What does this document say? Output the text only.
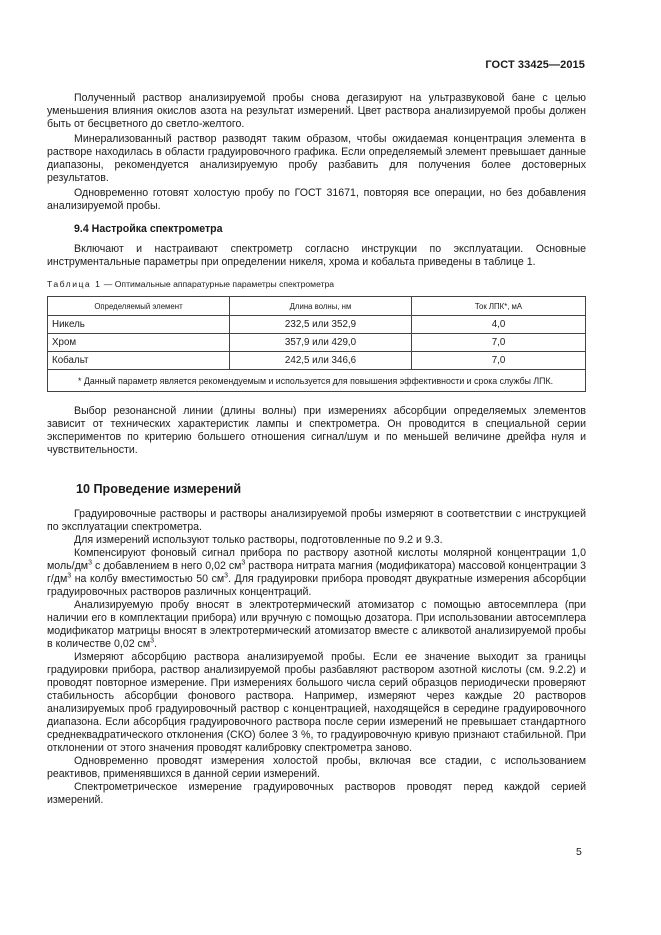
ГОСТ 33425—2015

Полученный раствор анализируемой пробы снова дегазируют на ультразвуковой бане с целью уменьшения влияния окислов азота на результат измерений. Цвет раствора анализируемой пробы должен быть от бесцветного до светло-желтого.

Минерализованный раствор разводят таким образом, чтобы ожидаемая концентрация элемента в растворе находилась в области градуировочного графика. Если определяемый элемент превышает данные диапазоны, рекомендуется анализируемую пробу разбавить для получения более достоверных результатов.

Одновременно готовят холостую пробу по ГОСТ 31671, повторяя все операции, но без добавления анализируемой пробы.

9.4 Настройка спектрометра

Включают и настраивают спектрометр согласно инструкции по эксплуатации. Основные инструментальные параметры при определении никеля, хрома и кобальта приведены в таблице 1.

Таблица 1 — Оптимальные аппаратурные параметры спектрометра
Определяемый элемент	Длина волны, нм	Ток ЛПК*, мА
Никель	232,5 или 352,9	4,0
Хром	357,9 или 429,0	7,0
Кобальт	242,5 или 346,6	7,0
* Данный параметр является рекомендуемым и используется для повышения эффективности и срока службы ЛПК.		

Выбор резонансной линии (длины волны) при измерениях абсорбции определяемых элементов зависит от технических характеристик лампы и спектрометра. Он проводится в специальной серии экспериментов по критерию большего отношения сигнал/шум и по меньшей величине дрейфа нуля и чувствительности.

10 Проведение измерений

Градуировочные растворы и растворы анализируемой пробы измеряют в соответствии с инструкцией по эксплуатации спектрометра.

Для измерений используют только растворы, подготовленные по 9.2 и 9.3.

Компенсируют фоновый сигнал прибора по раствору азотной кислоты молярной концентрации 1,0 моль/$дм^3$ с добавлением в него 0,02 $см^3$ раствора нитрата магния (модификатора) массовой концентрации 3 $г/дм^3$ на колбу вместимостью 50 $см^3$. Для градуировки прибора проводят двукратные измерения абсорбции градуировочных растворов различных концентраций.

Анализируемую пробу вносят в электротермический атомизатор с помощью автосемплера (при наличии его в комплектации прибора) или вручную с помощью дозатора. При использовании автосемплера модификатор матрицы вносят в электротермический атомизатор вместе с аликвотой анализируемой пробы в количестве 0,02 $см^3$.

Измеряют абсорбцию раствора анализируемой пробы. Если ее значение выходит за границы градуировки прибора, раствор анализируемой пробы разбавляют раствором азотной кислоты (см. 9.2.2) и проводят повторное измерение. При измерениях большого числа серий образцов периодически проверяют стабильность абсорбции фонового раствора. Например, измеряют через каждые 20 растворов анализируемых проб градуировочный раствор с концентрацией, находящейся в середине градуировочного диапазона. Если абсорбция градуировочного раствора после серии измерений не превышает стандартного среднеквадратического отклонения (СКО) более 3 %, то градуировочную кривую признают стабильной. При отклонении от этого значения проводят калибровку спектрометра заново.

Одновременно проводят измерения холостой пробы, включая все стадии, с использованием реактивов, применявшихся в данной серии измерений.

Спектрометрическое измерение градуировочных растворов проводят перед каждой серией измерений.

5
